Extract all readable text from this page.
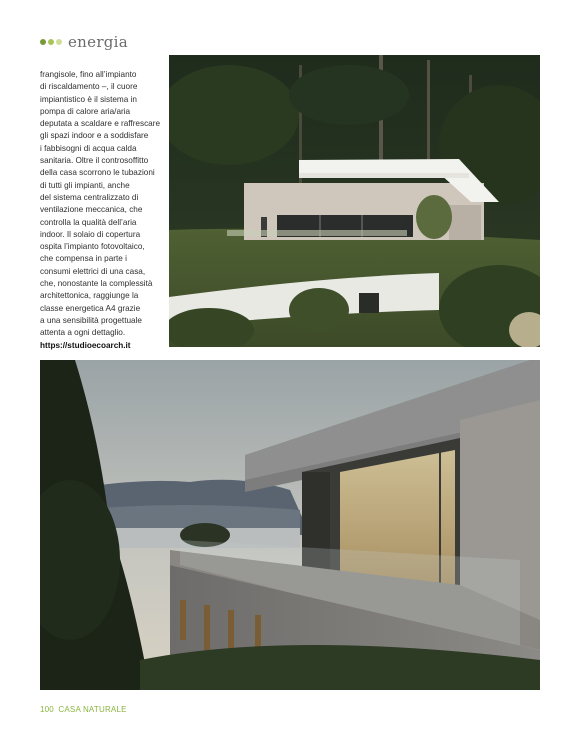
energia

frangisole, fino all’impianto

di riscaldamento –, il cuore

impiantistico è il sistema in

pompa di calore aria/aria

deputata a scaldare e raffrescare

gli spazi indoor e a soddisfare

i fabbisogni di acqua calda

sanitaria. Oltre il controsoffitto

della casa scorrono le tubazioni

di tutti gli impianti, anche

del sistema centralizzato di

ventilazione meccanica, che

controlla la qualità dell’aria

indoor. Il solaio di copertura

ospita l’impianto fotovoltaico,

che compensa in parte i

consumi elettrici di una casa,

che, nonostante la complessità

architettonica, raggiunge la

classe energetica A4 grazie

a una sensibilità progettuale

attenta a ogni dettaglio.

https://studioecoarch.it

100 CASA NATURALE
